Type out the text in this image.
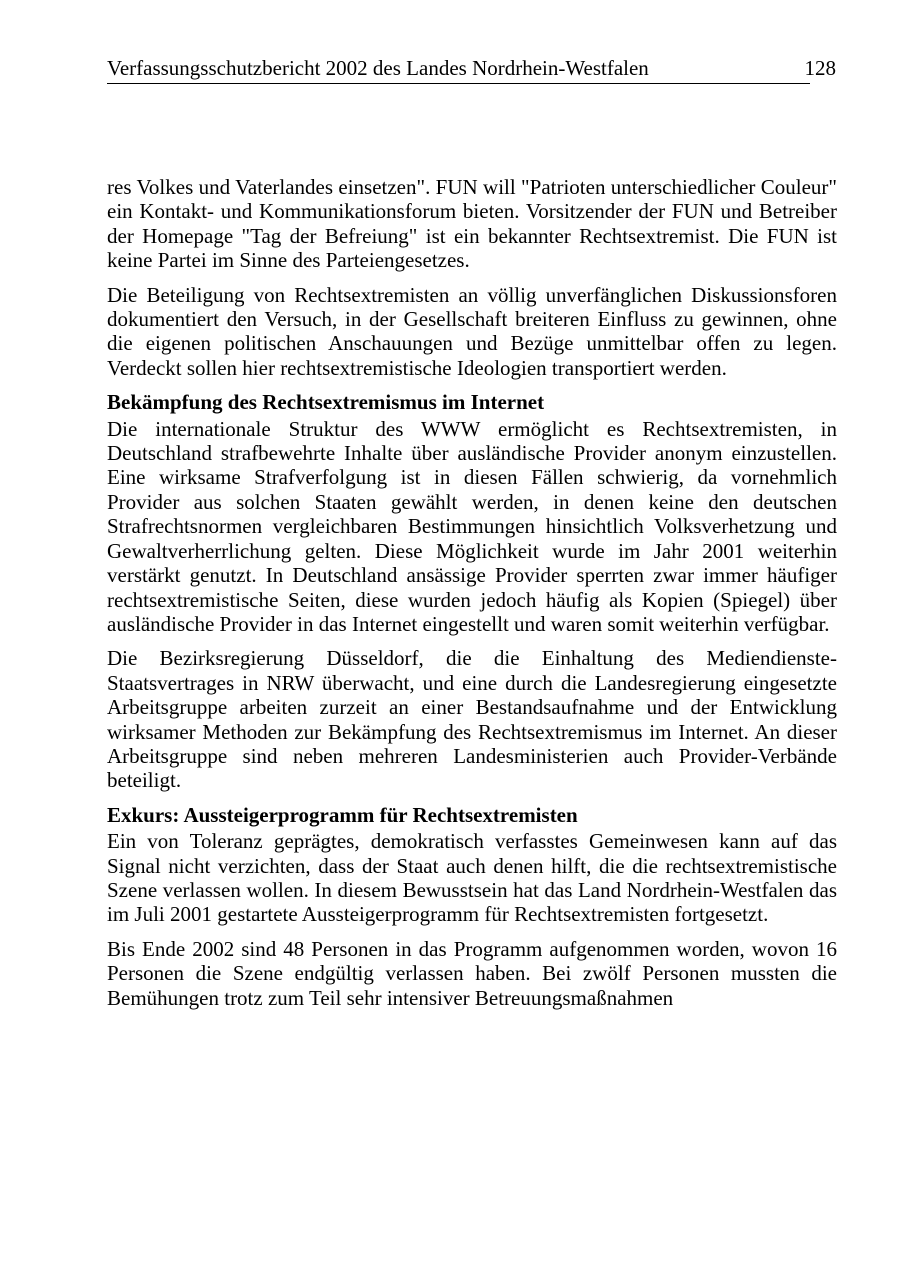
Verfassungsschutzbericht 2002 des Landes Nordrhein-Westfalen	128

res Volkes und Vaterlandes einsetzen". FUN will "Patrioten unterschiedlicher Couleur" ein Kontakt- und Kommunikationsforum bieten. Vorsitzender der FUN und Betreiber der Homepage "Tag der Befreiung" ist ein bekannter Rechtsextremist. Die FUN ist keine Partei im Sinne des Parteiengesetzes.

Die Beteiligung von Rechtsextremisten an völlig unverfänglichen Diskussionsforen dokumentiert den Versuch, in der Gesellschaft breiteren Einfluss zu gewinnen, ohne die eigenen politischen Anschauungen und Bezüge unmittelbar offen zu legen. Verdeckt sollen hier rechtsextremistische Ideologien transportiert werden.

Bekämpfung des Rechtsextremismus im Internet

Die internationale Struktur des WWW ermöglicht es Rechtsextremisten, in Deutschland strafbewehrte Inhalte über ausländische Provider anonym einzustellen. Eine wirksame Strafverfolgung ist in diesen Fällen schwierig, da vornehmlich Provider aus solchen Staaten gewählt werden, in denen keine den deutschen Strafrechtsnormen vergleichbaren Bestimmungen hinsichtlich Volksverhetzung und Gewaltverherrlichung gelten. Diese Möglichkeit wurde im Jahr 2001 weiterhin verstärkt genutzt. In Deutschland ansässige Provider sperrten zwar immer häufiger rechtsextremistische Seiten, diese wurden jedoch häufig als Kopien (Spiegel) über ausländische Provider in das Internet eingestellt und waren somit weiterhin verfügbar.

Die Bezirksregierung Düsseldorf, die die Einhaltung des Mediendienste-Staatsvertrages in NRW überwacht, und eine durch die Landesregierung eingesetzte Arbeitsgruppe arbeiten zurzeit an einer Bestandsaufnahme und der Entwicklung wirksamer Methoden zur Bekämpfung des Rechtsextremismus im Internet. An dieser Arbeitsgruppe sind neben mehreren Landesministerien auch Provider-Verbände beteiligt.

Exkurs: Aussteigerprogramm für Rechtsextremisten

Ein von Toleranz geprägtes, demokratisch verfasstes Gemeinwesen kann auf das Signal nicht verzichten, dass der Staat auch denen hilft, die die rechtsextremistische Szene verlassen wollen. In diesem Bewusstsein hat das Land Nordrhein-Westfalen das im Juli 2001 gestartete Aussteigerprogramm für Rechtsextremisten fortgesetzt.

Bis Ende 2002 sind 48 Personen in das Programm aufgenommen worden, wovon 16 Personen die Szene endgültig verlassen haben. Bei zwölf Personen mussten die Bemühungen trotz zum Teil sehr intensiver Betreuungsmaßnahmen
